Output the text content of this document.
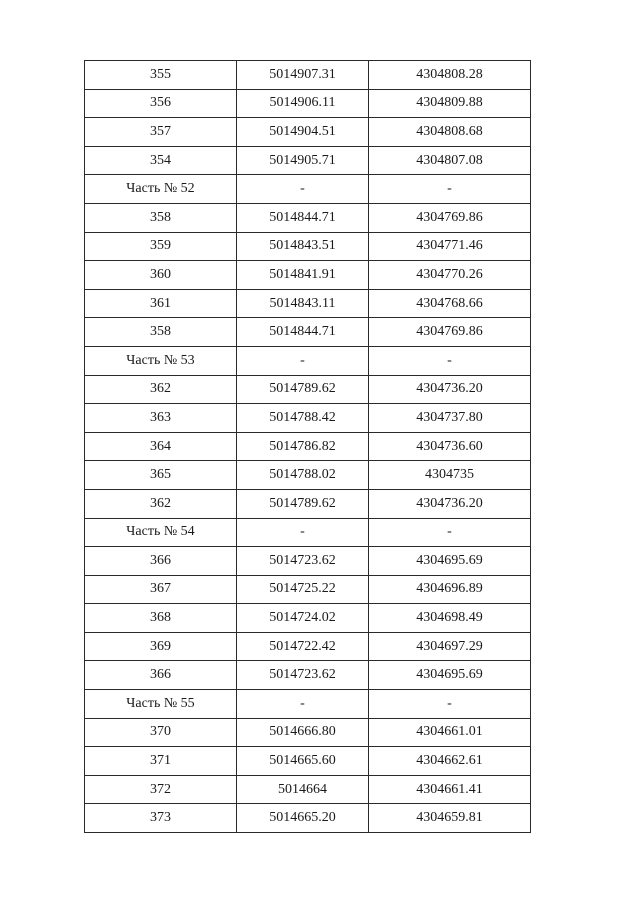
355	5014907.31	4304808.28
356	5014906.11	4304809.88
357	5014904.51	4304808.68
354	5014905.71	4304807.08
Часть № 52	-	-
358	5014844.71	4304769.86
359	5014843.51	4304771.46
360	5014841.91	4304770.26
361	5014843.11	4304768.66
358	5014844.71	4304769.86
Часть № 53	-	-
362	5014789.62	4304736.20
363	5014788.42	4304737.80
364	5014786.82	4304736.60
365	5014788.02	4304735
362	5014789.62	4304736.20
Часть № 54	-	-
366	5014723.62	4304695.69
367	5014725.22	4304696.89
368	5014724.02	4304698.49
369	5014722.42	4304697.29
366	5014723.62	4304695.69
Часть № 55	-	-
370	5014666.80	4304661.01
371	5014665.60	4304662.61
372	5014664	4304661.41
373	5014665.20	4304659.81
